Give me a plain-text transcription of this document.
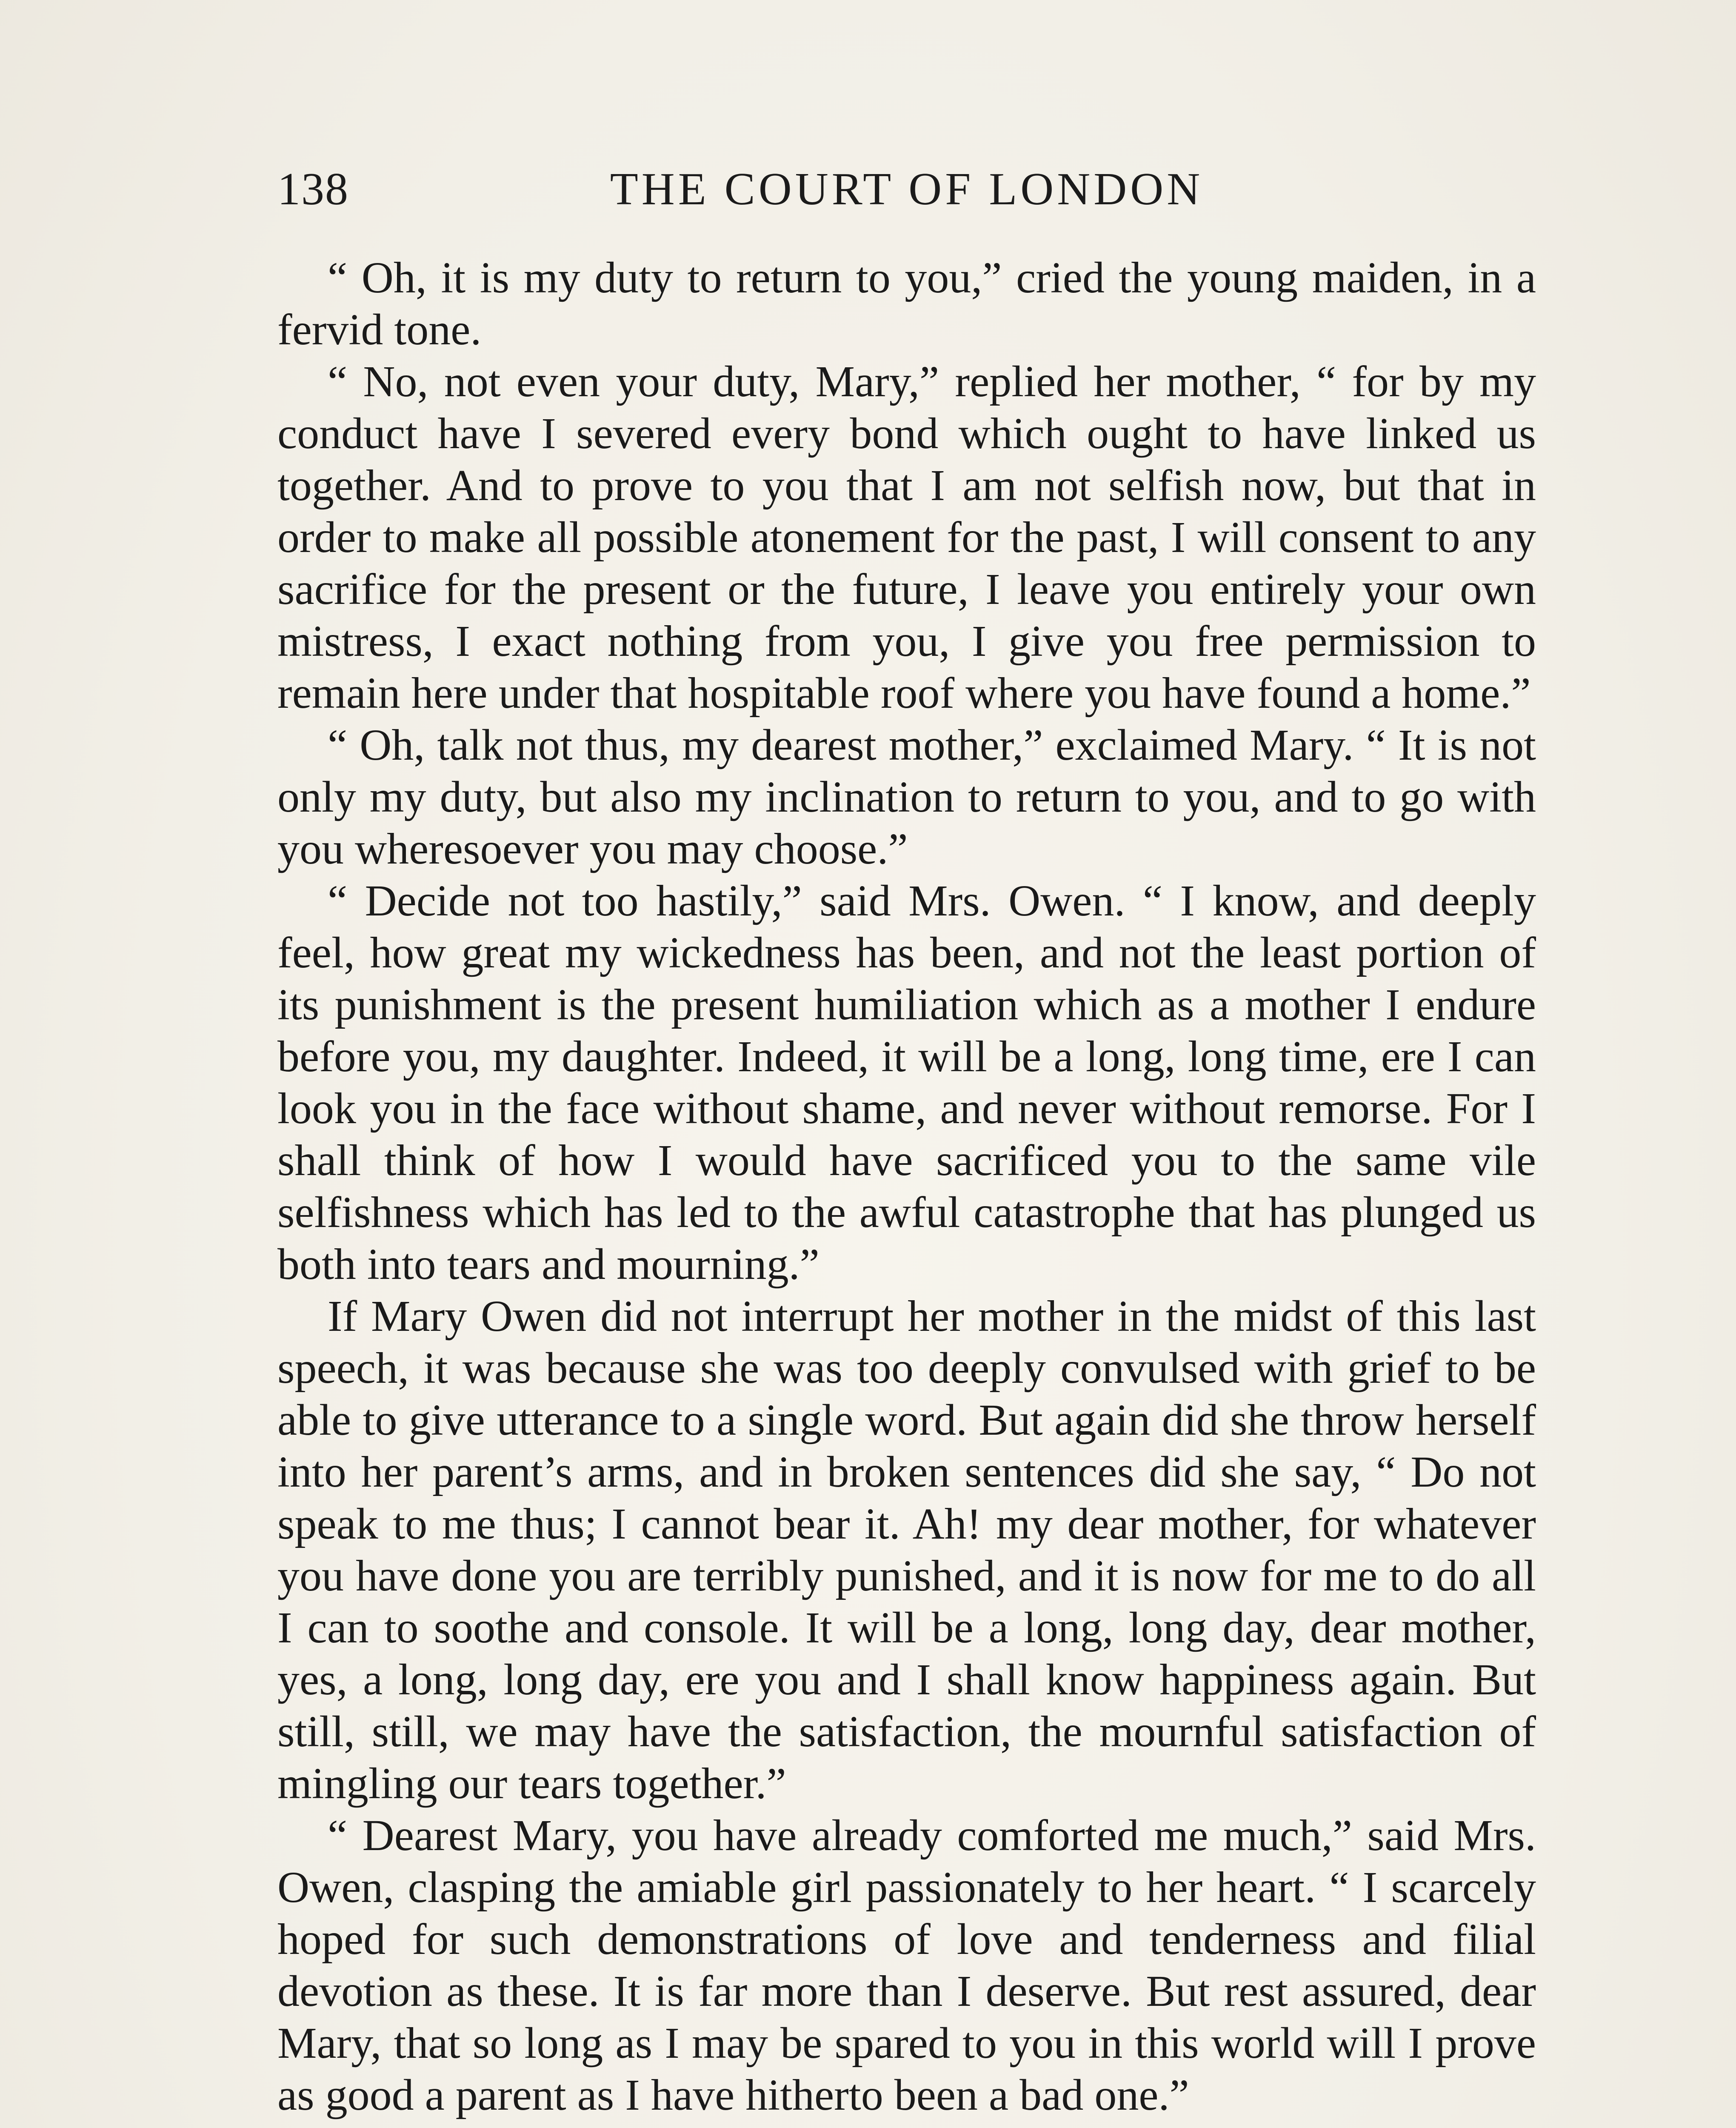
138	THE COURT OF LONDON

“ Oh, it is my duty to return to you,” cried the young maiden, in a fervid tone.

“ No, not even your duty, Mary,” replied her mother, “ for by my conduct have I severed every bond which ought to have linked us together. And to prove to you that I am not selfish now, but that in order to make all possible atonement for the past, I will consent to any sacrifice for the present or the future, I leave you entirely your own mistress, I exact nothing from you, I give you free permission to remain here under that hospitable roof where you have found a home.”

“ Oh, talk not thus, my dearest mother,” exclaimed Mary. “ It is not only my duty, but also my inclination to return to you, and to go with you wheresoever you may choose.”

“ Decide not too hastily,” said Mrs. Owen. “ I know, and deeply feel, how great my wickedness has been, and not the least portion of its punishment is the present humiliation which as a mother I endure before you, my daughter. Indeed, it will be a long, long time, ere I can look you in the face without shame, and never without remorse. For I shall think of how I would have sacrificed you to the same vile selfishness which has led to the awful catastrophe that has plunged us both into tears and mourning.”

If Mary Owen did not interrupt her mother in the midst of this last speech, it was because she was too deeply convulsed with grief to be able to give utterance to a single word. But again did she throw herself into her parent’s arms, and in broken sentences did she say, “ Do not speak to me thus; I cannot bear it. Ah! my dear mother, for whatever you have done you are terribly punished, and it is now for me to do all I can to soothe and console. It will be a long, long day, dear mother, yes, a long, long day, ere you and I shall know happiness again. But still, still, we may have the satisfaction, the mournful satisfaction of mingling our tears together.”

“ Dearest Mary, you have already comforted me much,” said Mrs. Owen, clasping the amiable girl passionately to her heart. “ I scarcely hoped for such demonstrations of love and tenderness and filial devotion as these. It is far more than I deserve. But rest assured, dear Mary, that so long as I may be spared to you in this world will I prove as good a parent as I have hitherto been a bad one.”
